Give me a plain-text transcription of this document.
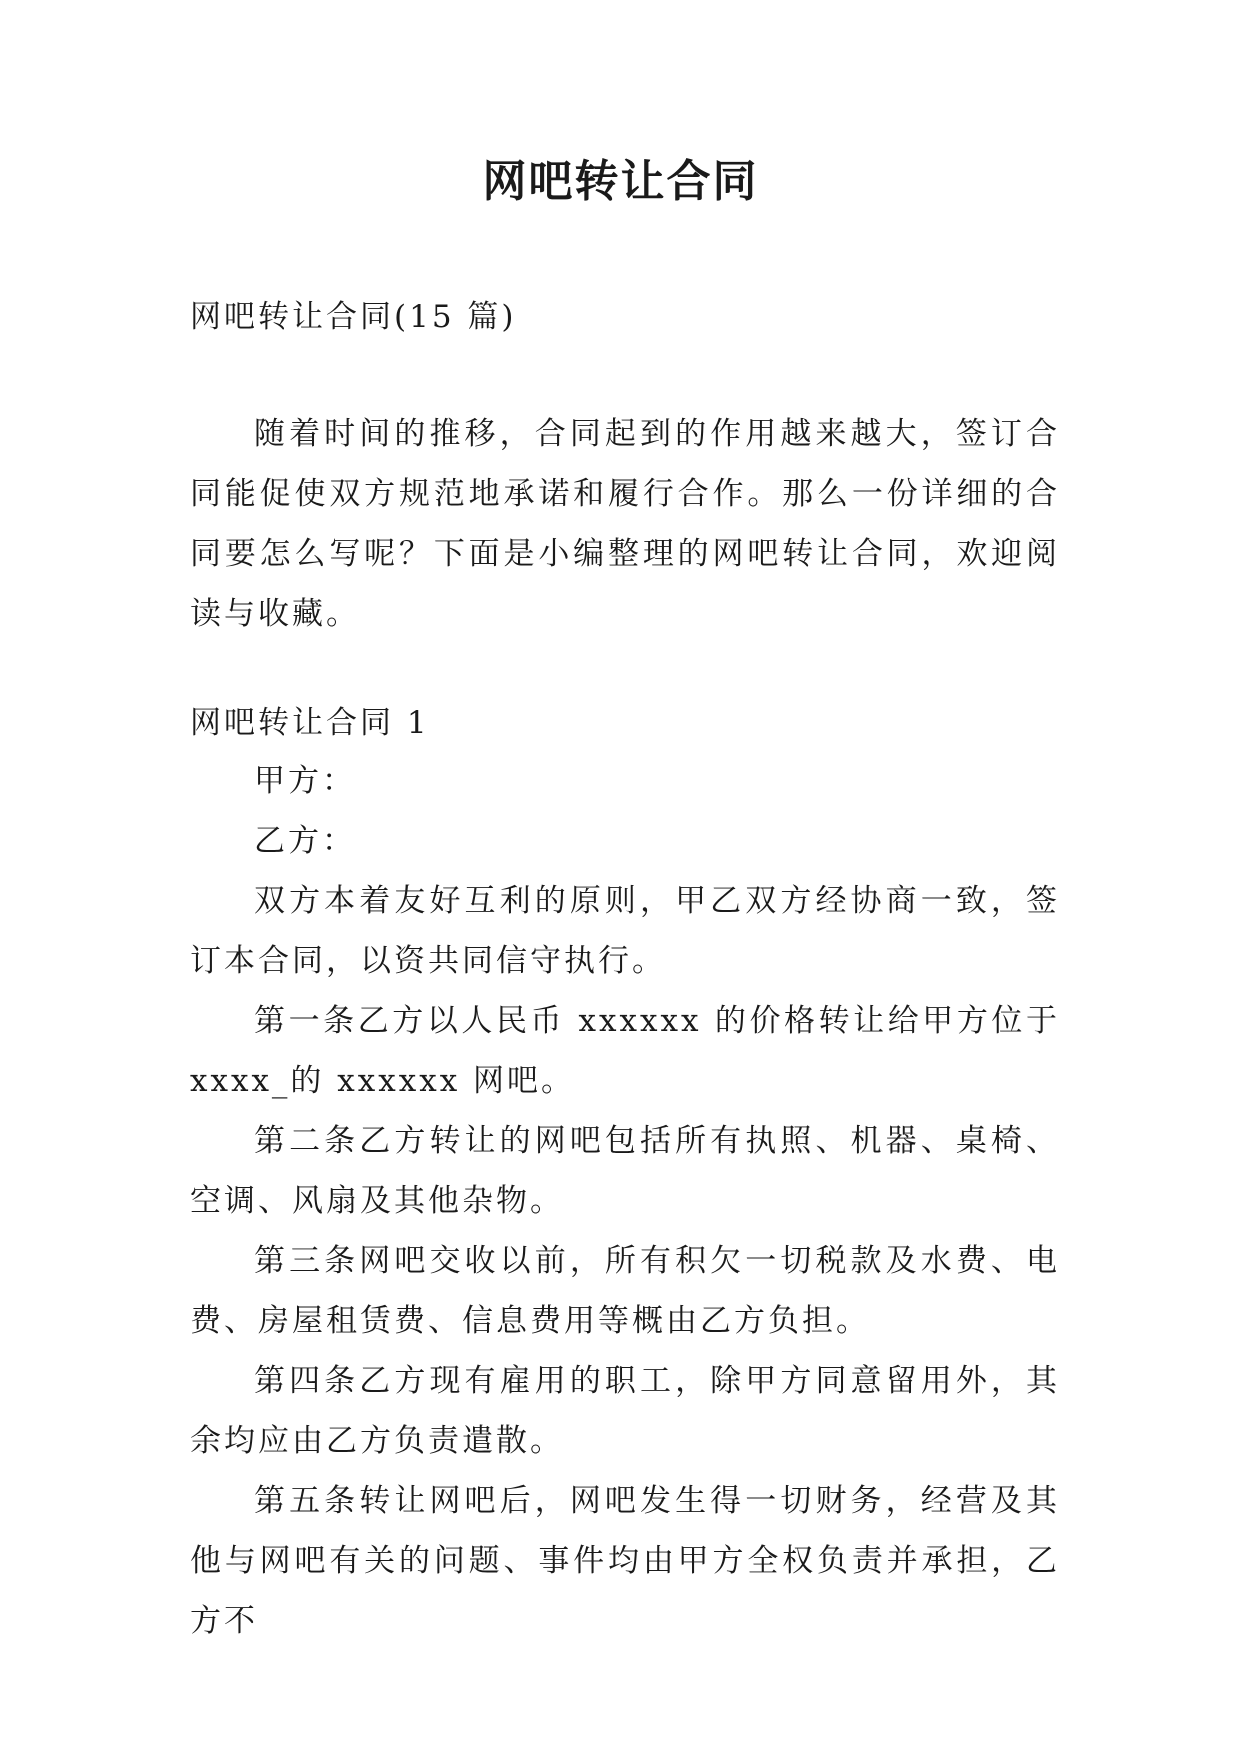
网吧转让合同

网吧转让合同(15 篇)

随着时间的推移，合同起到的作用越来越大，签订合同能促使双方规范地承诺和履行合作。那么一份详细的合同要怎么写呢？下面是小编整理的网吧转让合同，欢迎阅读与收藏。

网吧转让合同 1

甲方：

乙方：

双方本着友好互利的原则，甲乙双方经协商一致，签订本合同，以资共同信守执行。

第一条乙方以人民币 xxxxxx 的价格转让给甲方位于xxxx_的 xxxxxx 网吧。

第二条乙方转让的网吧包括所有执照、机器、桌椅、空调、风扇及其他杂物。

第三条网吧交收以前，所有积欠一切税款及水费、电费、房屋租赁费、信息费用等概由乙方负担。

第四条乙方现有雇用的职工，除甲方同意留用外，其余均应由乙方负责遣散。

第五条转让网吧后，网吧发生得一切财务，经营及其他与网吧有关的问题、事件均由甲方全权负责并承担，乙方不
